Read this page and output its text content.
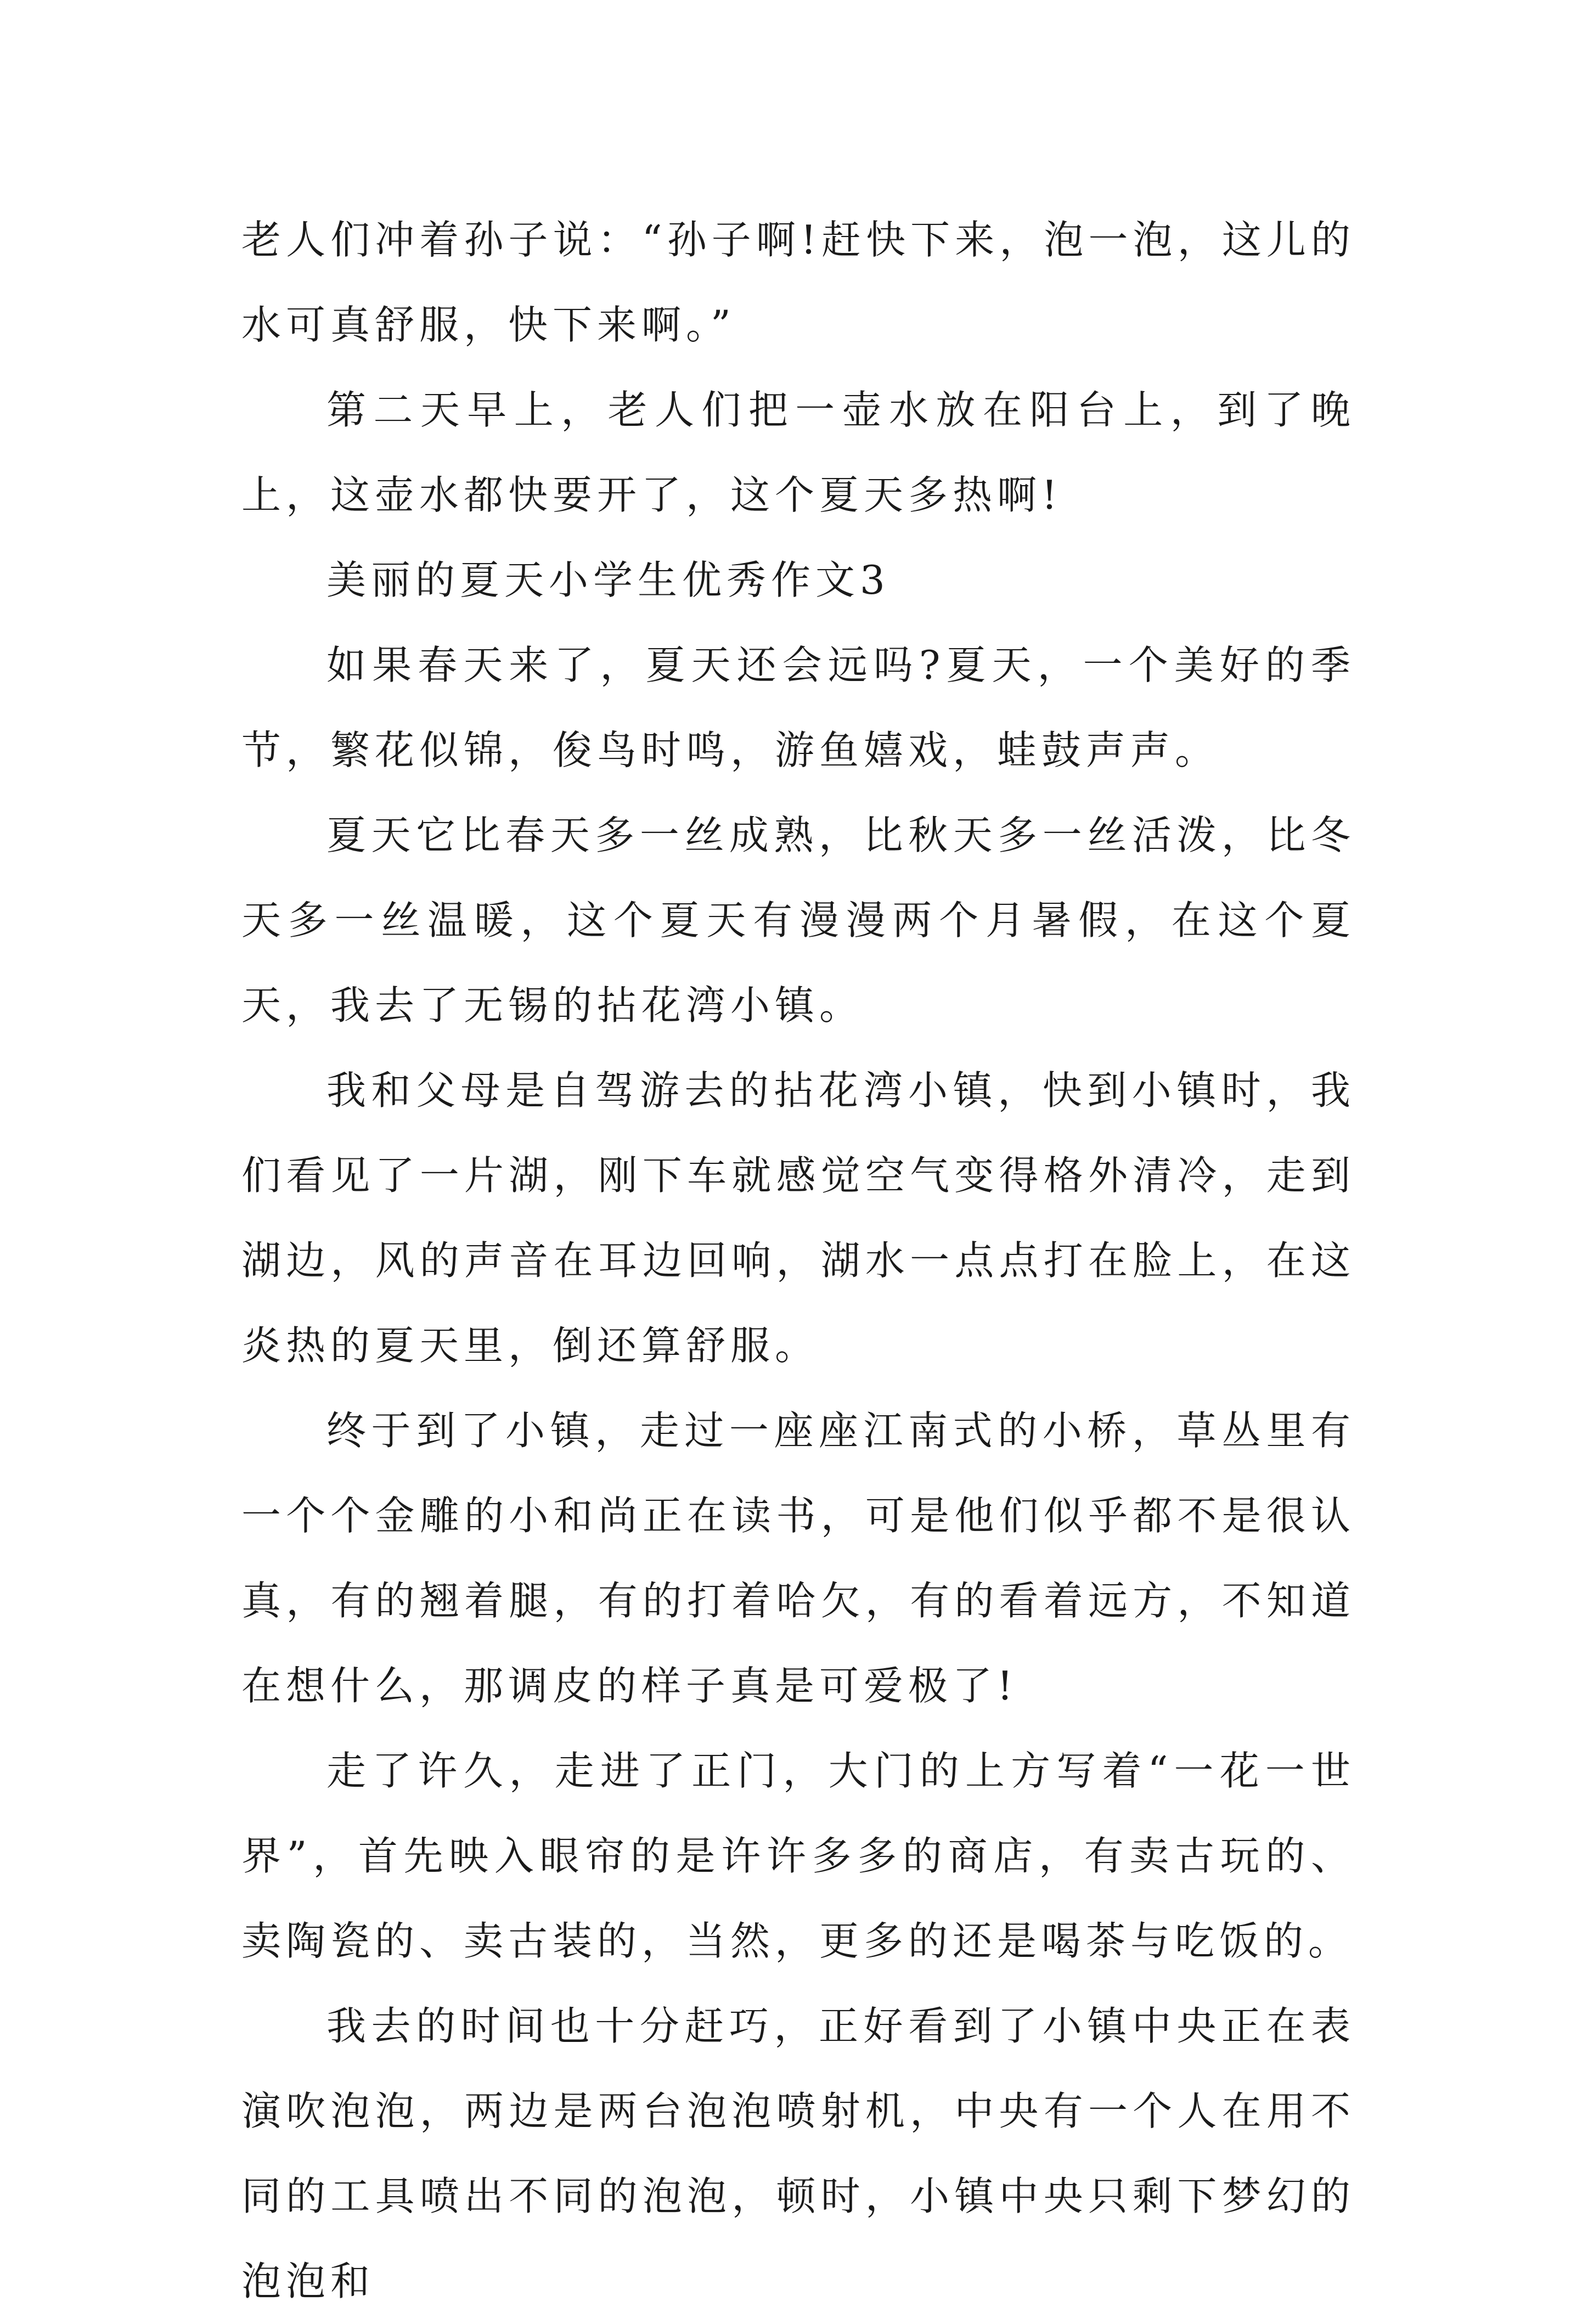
老人们冲着孙子说：“孙子啊!赶快下来，泡一泡，这儿的水可真舒服，快下来啊。”

第二天早上，老人们把一壶水放在阳台上，到了晚上，这壶水都快要开了，这个夏天多热啊!

美丽的夏天小学生优秀作文3

如果春天来了，夏天还会远吗?夏天，一个美好的季节，繁花似锦，俊鸟时鸣，游鱼嬉戏，蛙鼓声声。

夏天它比春天多一丝成熟，比秋天多一丝活泼，比冬天多一丝温暖，这个夏天有漫漫两个月暑假，在这个夏天，我去了无锡的拈花湾小镇。

我和父母是自驾游去的拈花湾小镇，快到小镇时，我们看见了一片湖，刚下车就感觉空气变得格外清冷，走到湖边，风的声音在耳边回响，湖水一点点打在脸上，在这炎热的夏天里，倒还算舒服。

终于到了小镇，走过一座座江南式的小桥，草丛里有一个个金雕的小和尚正在读书，可是他们似乎都不是很认真，有的翘着腿，有的打着哈欠，有的看着远方，不知道在想什么，那调皮的样子真是可爱极了!

走了许久，走进了正门，大门的上方写着“一花一世界”，首先映入眼帘的是许许多多的商店，有卖古玩的、卖陶瓷的、卖古装的，当然，更多的还是喝茶与吃饭的。

我去的时间也十分赶巧，正好看到了小镇中央正在表演吹泡泡，两边是两台泡泡喷射机，中央有一个人在用不同的工具喷出不同的泡泡，顿时，小镇中央只剩下梦幻的泡泡和
